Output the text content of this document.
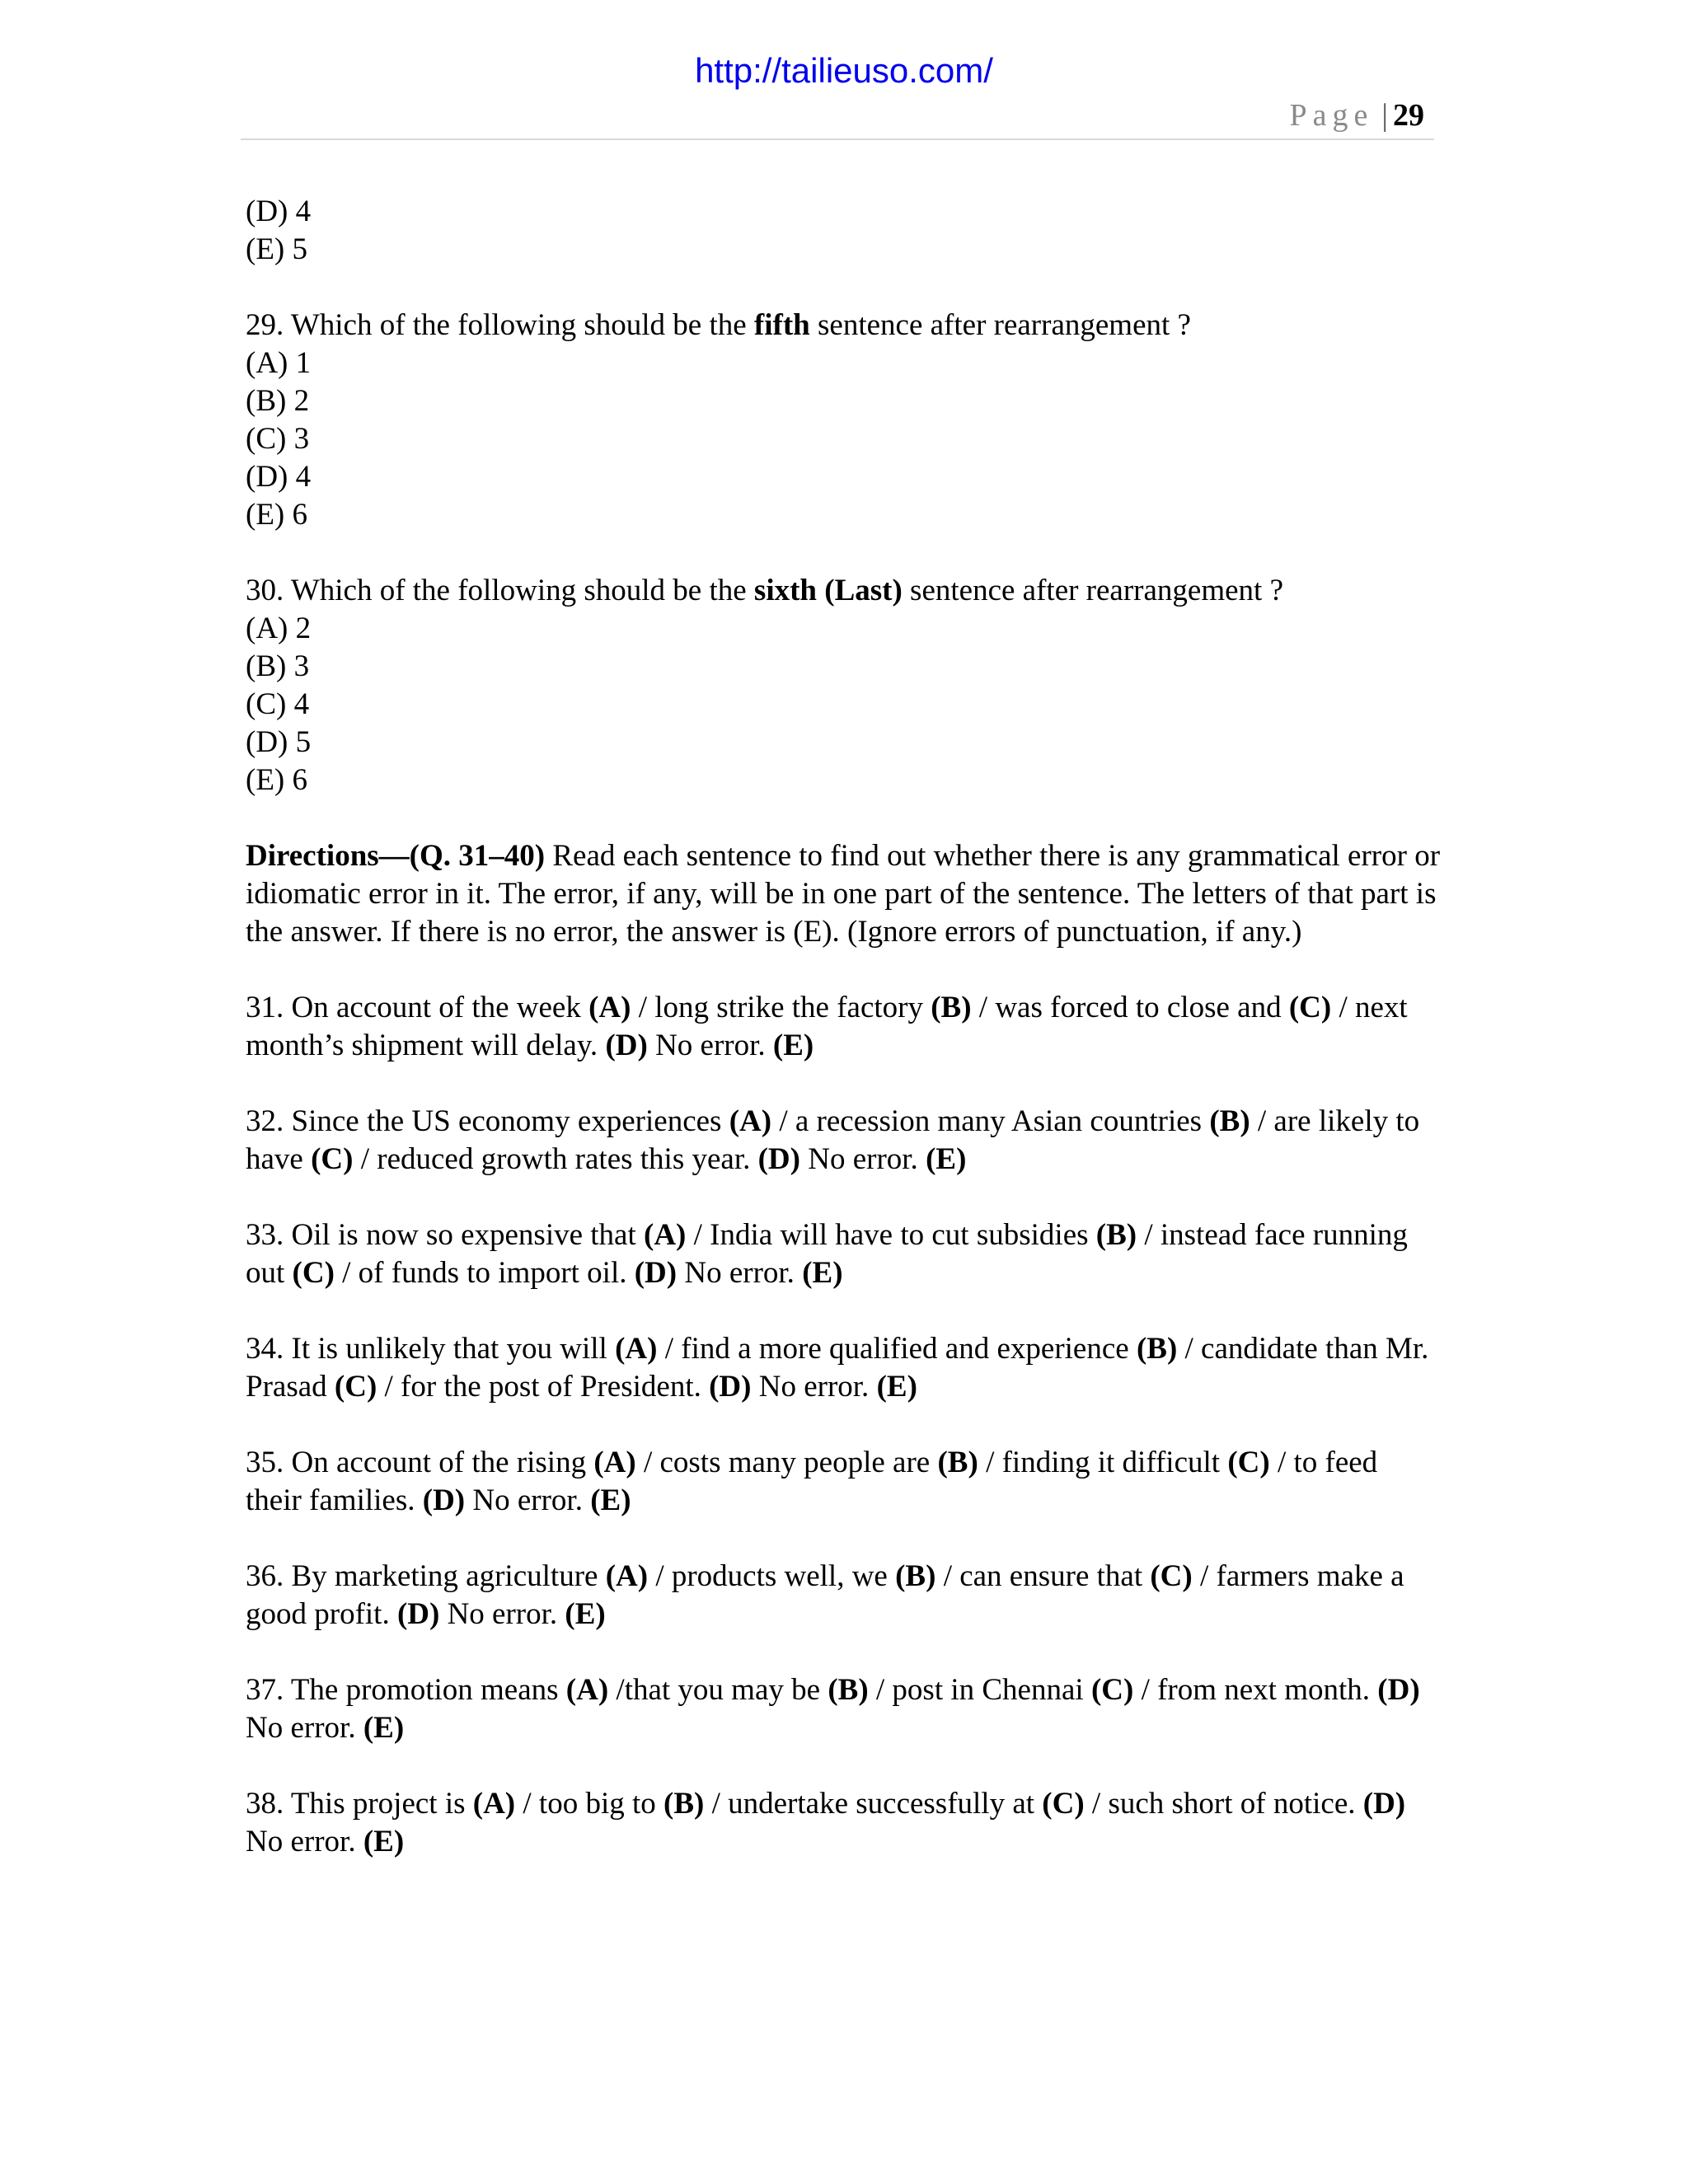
http://tailieuso.com/
Page | 29
(D) 4
(E) 5
29. Which of the following should be the fifth sentence after rearrangement ?
(A) 1
(B) 2
(C) 3
(D) 4
(E) 6
30. Which of the following should be the sixth (Last) sentence after rearrangement ?
(A) 2
(B) 3
(C) 4
(D) 5
(E) 6
Directions—(Q. 31–40) Read each sentence to find out whether there is any grammatical error or idiomatic error in it. The error, if any, will be in one part of the sentence. The letters of that part is the answer. If there is no error, the answer is (E). (Ignore errors of punctuation, if any.)
31. On account of the week (A) / long strike the factory (B) / was forced to close and (C) / next month’s shipment will delay. (D) No error. (E)
32. Since the US economy experiences (A) / a recession many Asian countries (B) / are likely to have (C) / reduced growth rates this year. (D) No error. (E)
33. Oil is now so expensive that (A) / India will have to cut subsidies (B) / instead face running out (C) / of funds to import oil. (D) No error. (E)
34. It is unlikely that you will (A) / find a more qualified and experience (B) / candidate than Mr. Prasad (C) / for the post of President. (D) No error. (E)
35. On account of the rising (A) / costs many people are (B) / finding it difficult (C) / to feed their families. (D) No error. (E)
36. By marketing agriculture (A) / products well, we (B) / can ensure that (C) / farmers make a good profit. (D) No error. (E)
37. The promotion means (A) /that you may be (B) / post in Chennai (C) / from next month. (D) No error. (E)
38. This project is (A) / too big to (B) / undertake successfully at (C) / such short of notice. (D) No error. (E)
